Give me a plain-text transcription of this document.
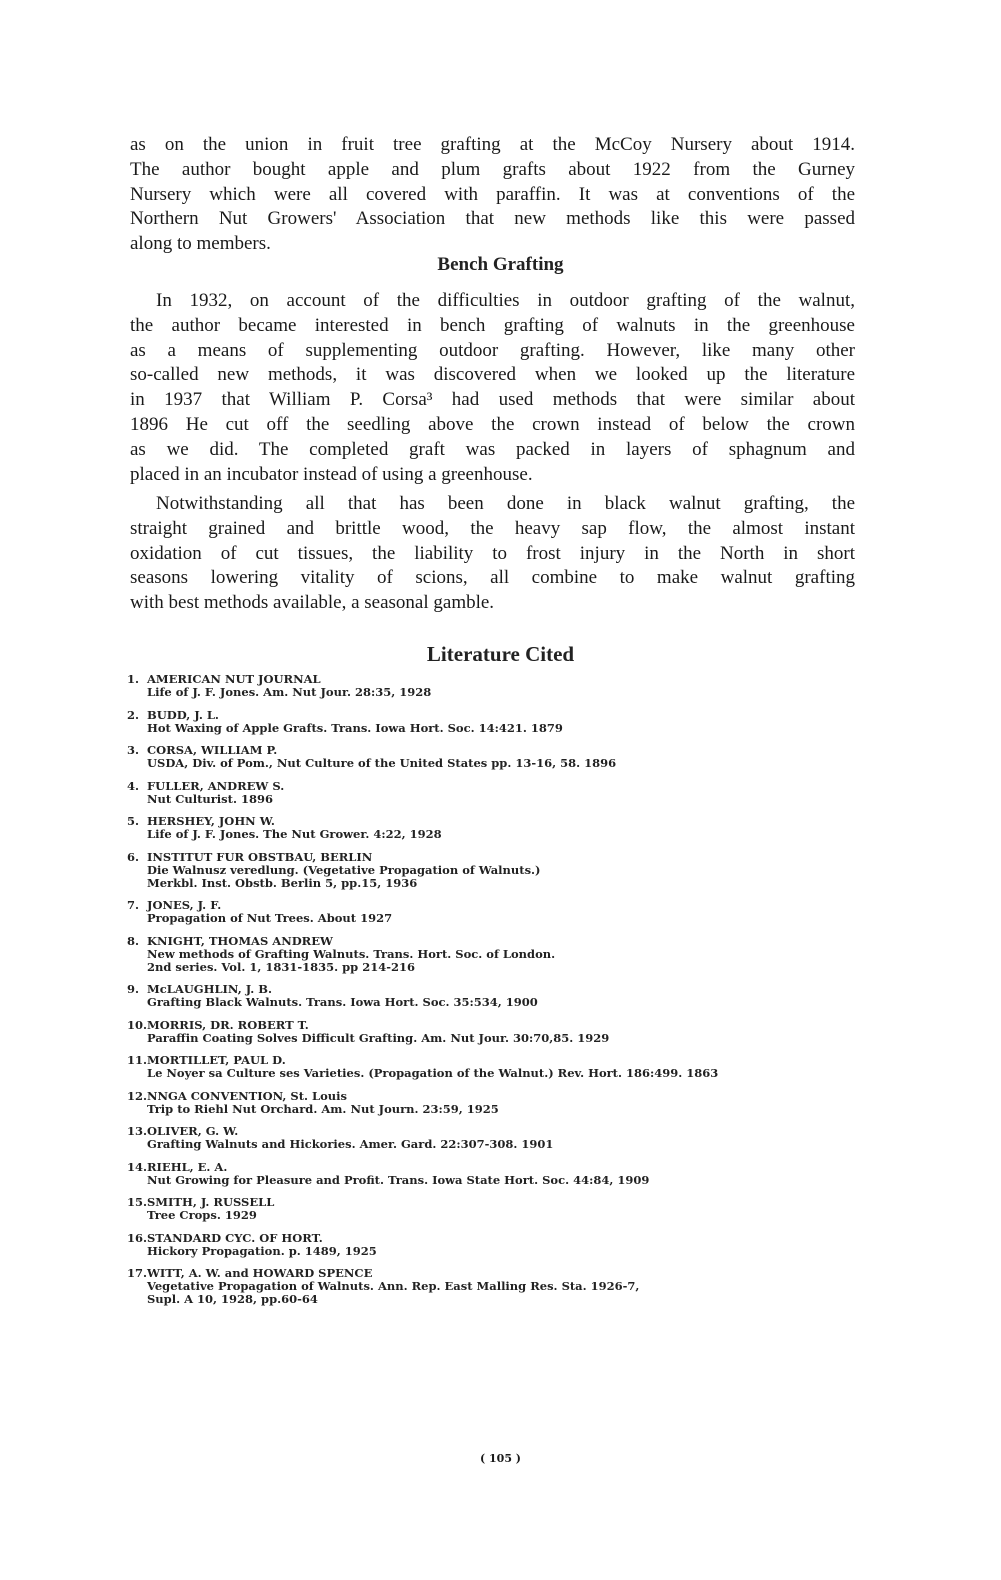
as on the union in fruit tree grafting at the McCoy Nursery about 1914.
The author bought apple and plum grafts about 1922 from the Gurney
Nursery which were all covered with paraffin. It was at conventions of the
Northern Nut Growers' Association that new methods like this were passed
along to members.
Bench Grafting
In 1932, on account of the difficulties in outdoor grafting of the walnut,
the author became interested in bench grafting of walnuts in the greenhouse
as a means of supplementing outdoor grafting. However, like many other
so-called new methods, it was discovered when we looked up the literature
in 1937 that William P. Corsa³ had used methods that were similar about
1896 He cut off the seedling above the crown instead of below the crown
as we did. The completed graft was packed in layers of sphagnum and
placed in an incubator instead of using a greenhouse.
Notwithstanding all that has been done in black walnut grafting, the
straight grained and brittle wood, the heavy sap flow, the almost instant
oxidation of cut tissues, the liability to frost injury in the North in short
seasons lowering vitality of scions, all combine to make walnut grafting
with best methods available, a seasonal gamble.
Literature Cited
1. AMERICAN NUT JOURNAL
Life of J. F. Jones. Am. Nut Jour. 28:35, 1928
2. BUDD, J. L.
Hot Waxing of Apple Grafts. Trans. Iowa Hort. Soc. 14:421. 1879
3. CORSA, WILLIAM P.
USDA, Div. of Pom., Nut Culture of the United States pp. 13-16, 58. 1896
4. FULLER, ANDREW S.
Nut Culturist. 1896
5. HERSHEY, JOHN W.
Life of J. F. Jones. The Nut Grower. 4:22, 1928
6. INSTITUT FUR OBSTBAU, BERLIN
Die Walnusz veredlung. (Vegetative Propagation of Walnuts.)
Merkbl. Inst. Obstb. Berlin 5, pp.15, 1936
7. JONES, J. F.
Propagation of Nut Trees. About 1927
8. KNIGHT, THOMAS ANDREW
New methods of Grafting Walnuts. Trans. Hort. Soc. of London.
2nd series. Vol. 1, 1831-1835. pp 214-216
9. McLAUGHLIN, J. B.
Grafting Black Walnuts. Trans. Iowa Hort. Soc. 35:534, 1900
10. MORRIS, DR. ROBERT T.
Paraffin Coating Solves Difficult Grafting. Am. Nut Jour. 30:70,85. 1929
11. MORTILLET, PAUL D.
Le Noyer sa Culture ses Varieties. (Propagation of the Walnut.) Rev. Hort. 186:499. 1863
12. NNGA CONVENTION, St. Louis
Trip to Riehl Nut Orchard. Am. Nut Journ. 23:59, 1925
13. OLIVER, G. W.
Grafting Walnuts and Hickories. Amer. Gard. 22:307-308. 1901
14. RIEHL, E. A.
Nut Growing for Pleasure and Profit. Trans. Iowa State Hort. Soc. 44:84, 1909
15. SMITH, J. RUSSELL
Tree Crops. 1929
16. STANDARD CYC. OF HORT.
Hickory Propagation. p. 1489, 1925
17. WITT, A. W. and HOWARD SPENCE
Vegetative Propagation of Walnuts. Ann. Rep. East Malling Res. Sta. 1926-7,
Supl. A 10, 1928, pp.60-64
( 105 )
